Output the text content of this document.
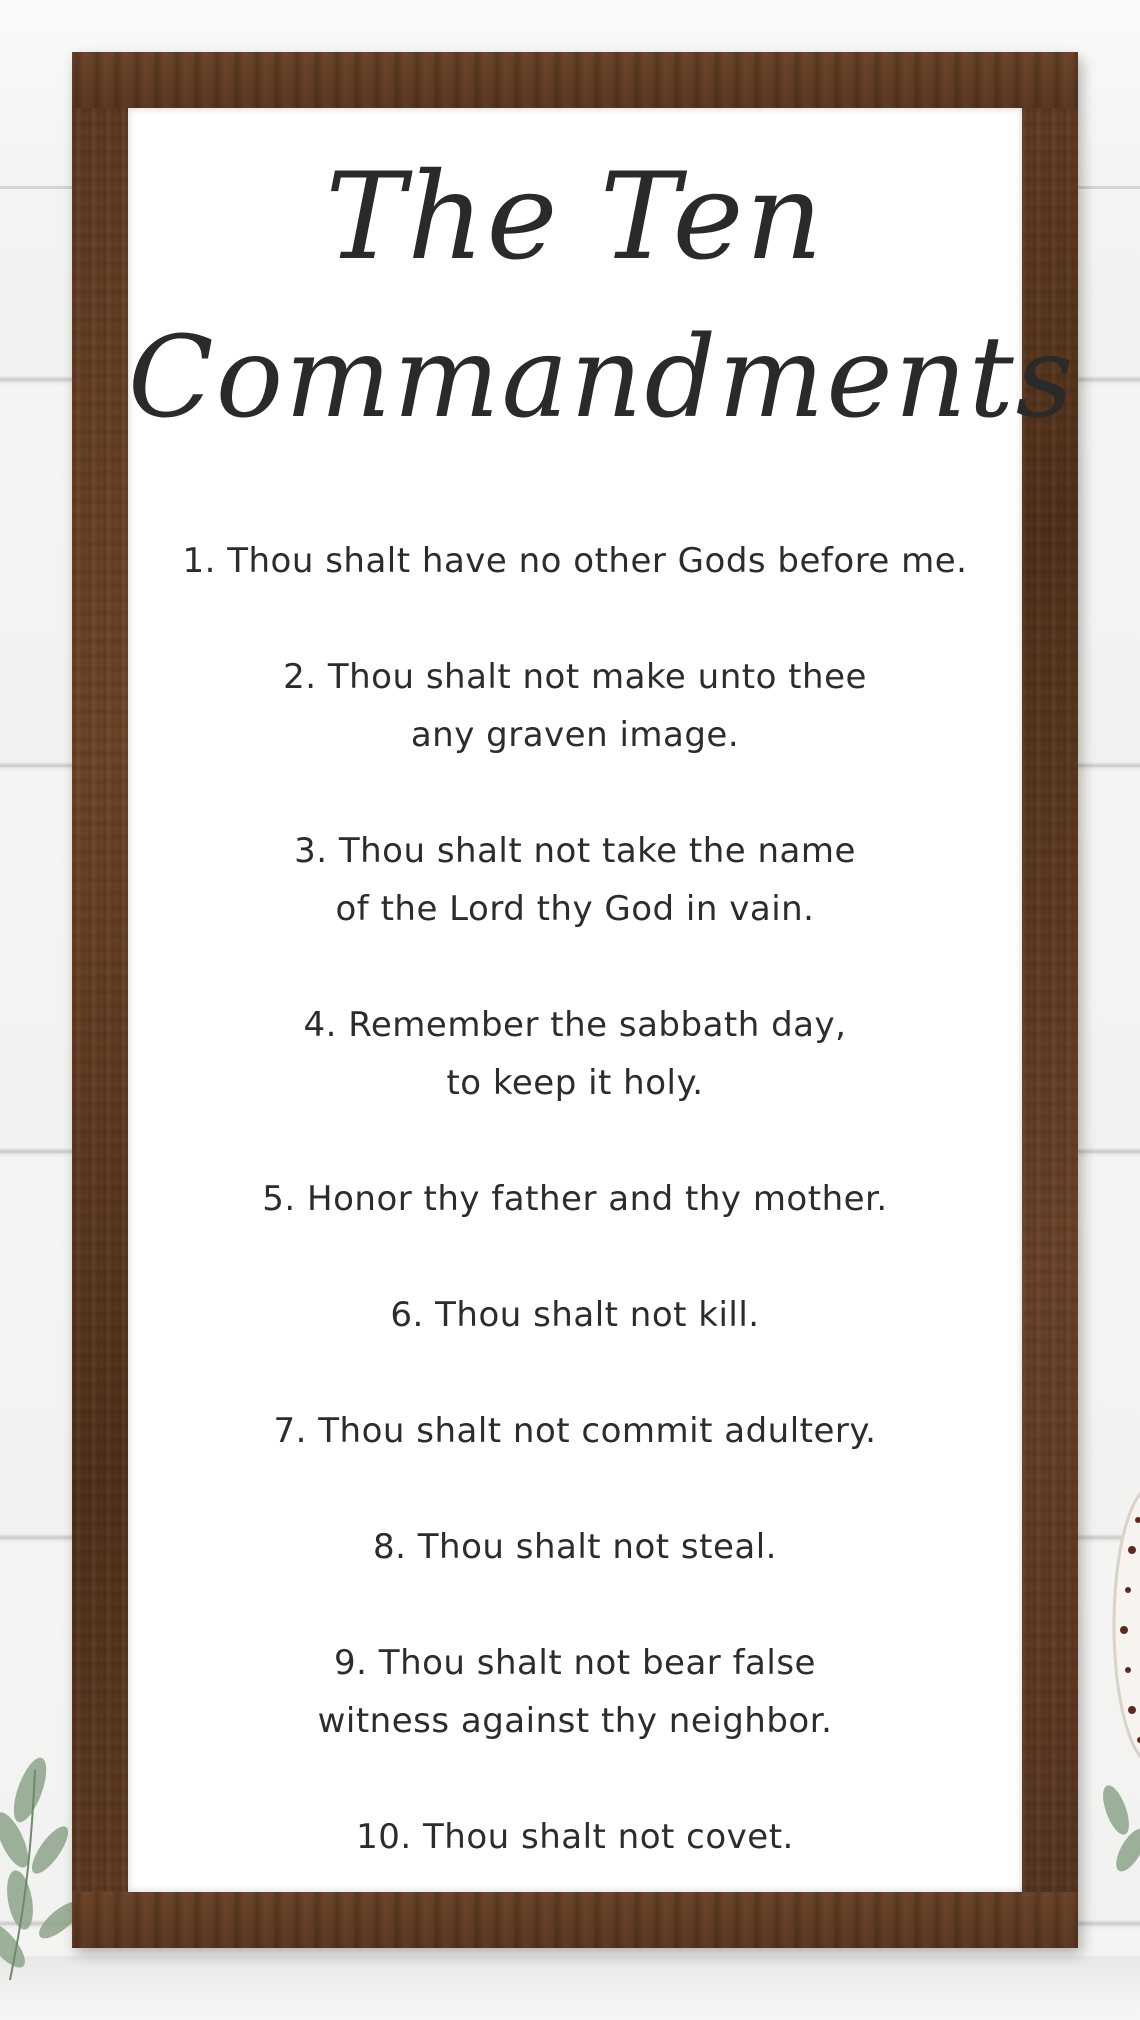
The Ten
Commandments
1. Thou shalt have no other Gods before me.
2. Thou shalt not make unto thee
any graven image.
3. Thou shalt not take the name
of the Lord thy God in vain.
4. Remember the sabbath day,
to keep it holy.
5. Honor thy father and thy mother.
6. Thou shalt not kill.
7. Thou shalt not commit adultery.
8. Thou shalt not steal.
9. Thou shalt not bear false
witness against thy neighbor.
10. Thou shalt not covet.
